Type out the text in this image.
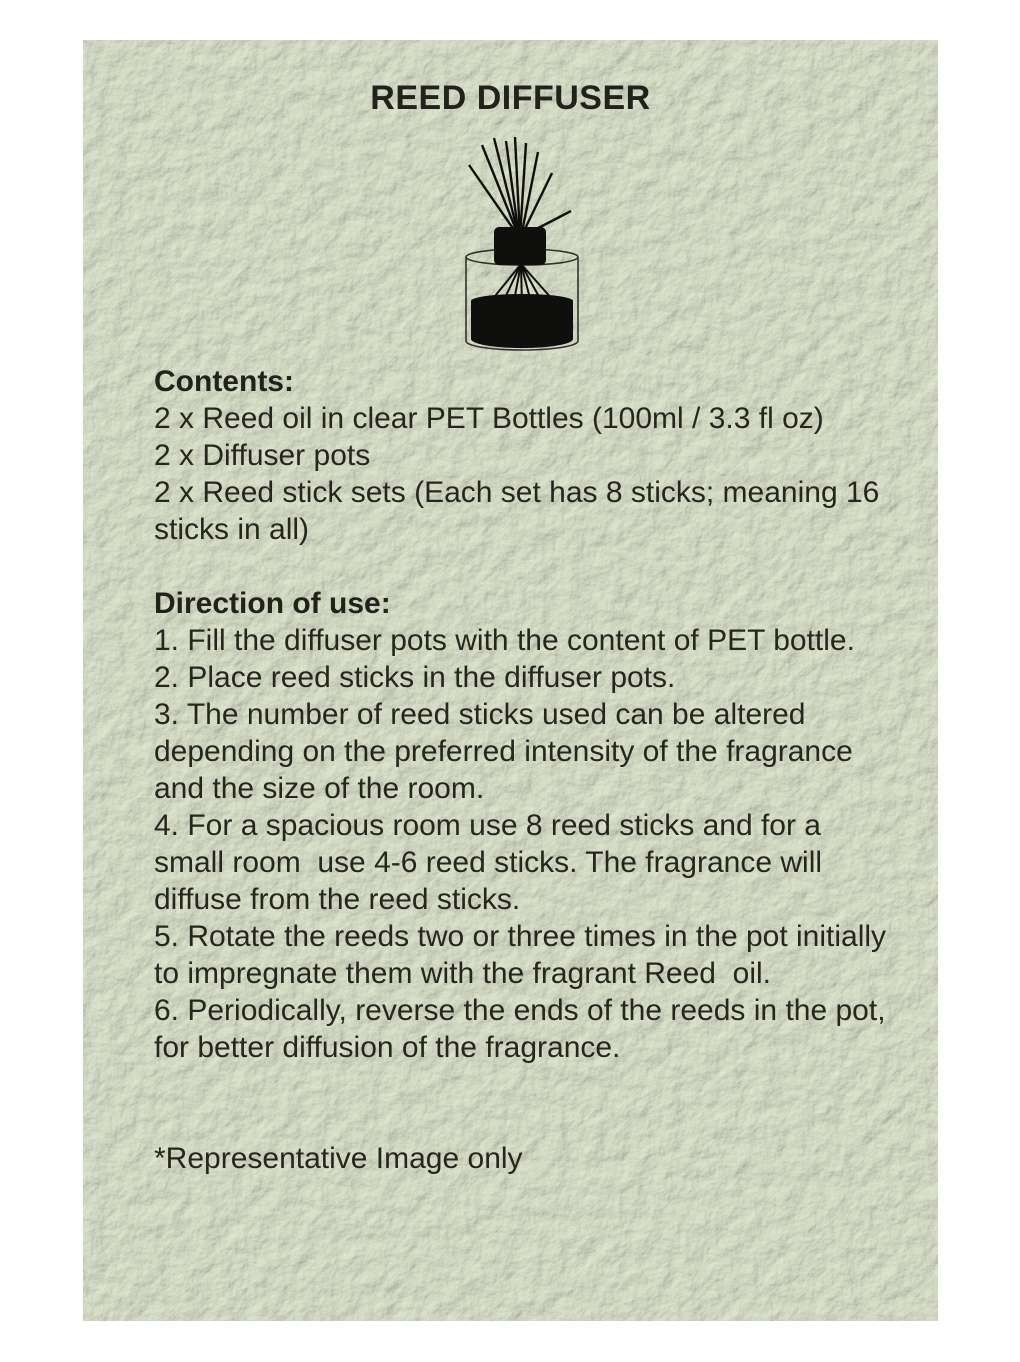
REED DIFFUSER

Contents:

2 x Reed oil in clear PET Bottles (100ml / 3.3 fl oz)

2 x Diffuser pots

2 x Reed stick sets (Each set has 8 sticks; meaning 16 sticks in all)

Direction of use:

1. Fill the diffuser pots with the content of PET bottle.

2. Place reed sticks in the diffuser pots.

3. The number of reed sticks used can be altered depending on the preferred intensity of the fragrance and the size of the room.

4. For a spacious room use 8 reed sticks and for a small room  use 4-6 reed sticks. The fragrance will diffuse from the reed sticks.

5. Rotate the reeds two or three times in the pot initially to impregnate them with the fragrant Reed  oil.

6. Periodically, reverse the ends of the reeds in the pot, for better diffusion of the fragrance.

*Representative Image only
